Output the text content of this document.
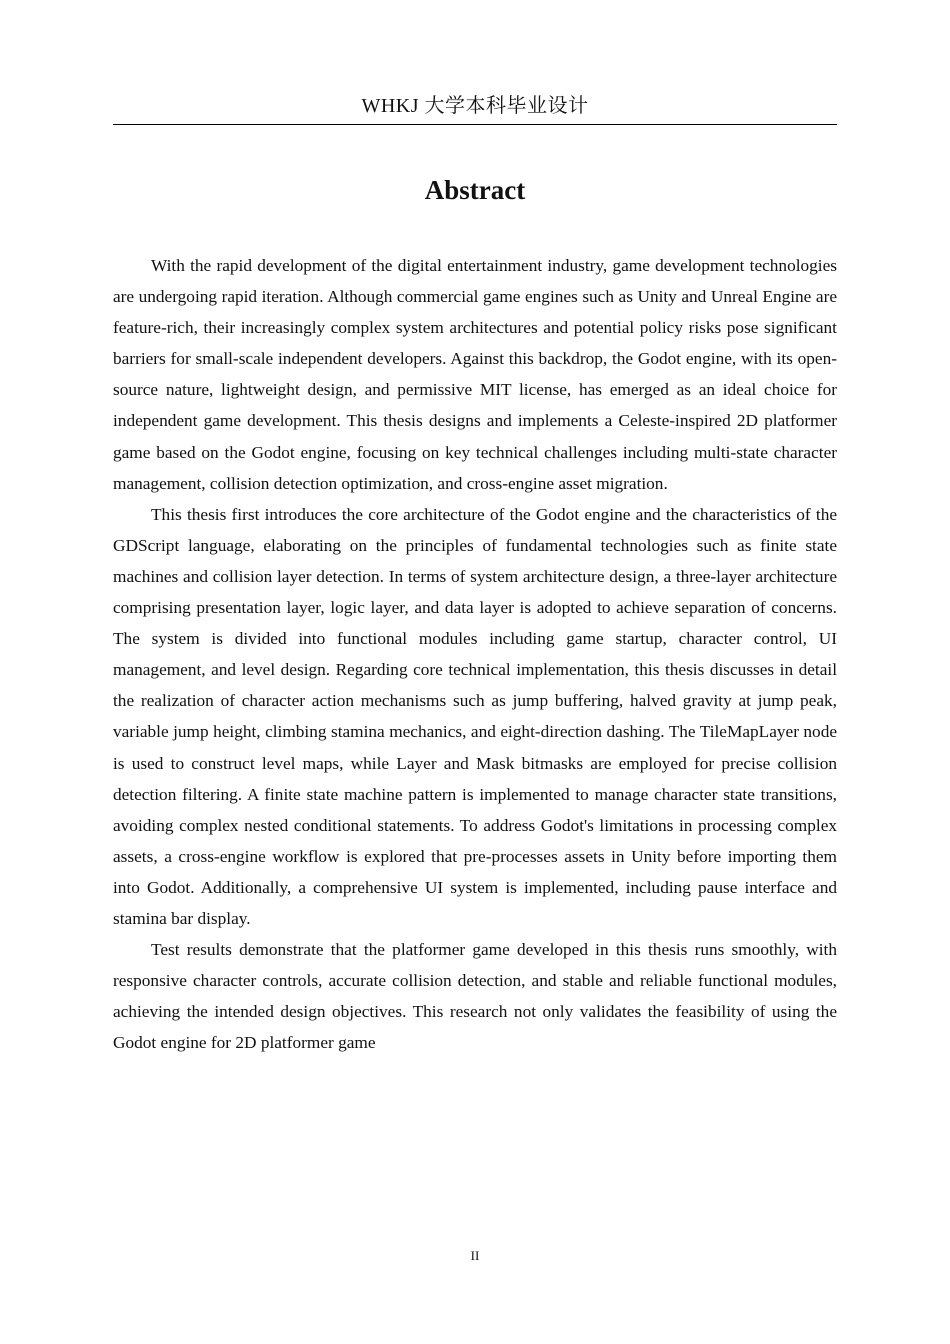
WHKJ 大学本科毕业设计
Abstract

With the rapid development of the digital entertainment industry, game development technologies are undergoing rapid iteration. Although commercial game engines such as Unity and Unreal Engine are feature-rich, their increasingly complex system architectures and potential policy risks pose significant barriers for small-scale independent developers. Against this backdrop, the Godot engine, with its open-source nature, lightweight design, and permissive MIT license, has emerged as an ideal choice for independent game development. This thesis designs and implements a Celeste-inspired 2D platformer game based on the Godot engine, focusing on key technical challenges including multi-state character management, collision detection optimization, and cross-engine asset migration.

This thesis first introduces the core architecture of the Godot engine and the characteristics of the GDScript language, elaborating on the principles of fundamental technologies such as finite state machines and collision layer detection. In terms of system architecture design, a three-layer architecture comprising presentation layer, logic layer, and data layer is adopted to achieve separation of concerns. The system is divided into functional modules including game startup, character control, UI management, and level design. Regarding core technical implementation, this thesis discusses in detail the realization of character action mechanisms such as jump buffering, halved gravity at jump peak, variable jump height, climbing stamina mechanics, and eight-direction dashing. The TileMapLayer node is used to construct level maps, while Layer and Mask bitmasks are employed for precise collision detection filtering. A finite state machine pattern is implemented to manage character state transitions, avoiding complex nested conditional statements. To address Godot's limitations in processing complex assets, a cross-engine workflow is explored that pre-processes assets in Unity before importing them into Godot. Additionally, a comprehensive UI system is implemented, including pause interface and stamina bar display.

Test results demonstrate that the platformer game developed in this thesis runs smoothly, with responsive character controls, accurate collision detection, and stable and reliable functional modules, achieving the intended design objectives. This research not only validates the feasibility of using the Godot engine for 2D platformer game

II
